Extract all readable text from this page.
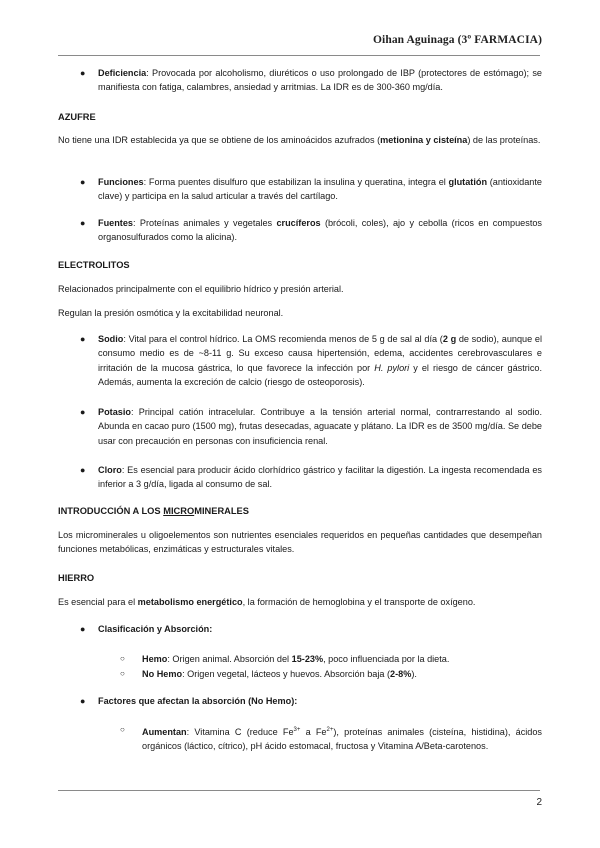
Oihan Aguinaga (3º FARMACIA)
● Deficiencia: Provocada por alcoholismo, diuréticos o uso prolongado de IBP (protectores de estómago); se manifiesta con fatiga, calambres, ansiedad y arritmias. La IDR es de 300-360 mg/día.
AZUFRE

No tiene una IDR establecida ya que se obtiene de los aminoácidos azufrados (metionina y cisteína) de las proteínas.

● Funciones: Forma puentes disulfuro que estabilizan la insulina y queratina, integra el glutatión (antioxidante clave) y participa en la salud articular a través del cartílago.
● Fuentes: Proteínas animales y vegetales crucíferos (brócoli, coles), ajo y cebolla (ricos en compuestos organosulfurados como la alicina).
ELECTROLITOS
Relacionados principalmente con el equilibrio hídrico y presión arterial.
Regulan la presión osmótica y la excitabilidad neuronal.
● Sodio: Vital para el control hídrico. La OMS recomienda menos de 5 g de sal al día (2 g de sodio), aunque el consumo medio es de ~8-11 g. Su exceso causa hipertensión, edema, accidentes cerebrovasculares e irritación de la mucosa gástrica, lo que favorece la infección por H. pylori y el riesgo de cáncer gástrico. Además, aumenta la excreción de calcio (riesgo de osteoporosis).
● Potasio: Principal catión intracelular. Contribuye a la tensión arterial normal, contrarrestando al sodio. Abunda en cacao puro (1500 mg), frutas desecadas, aguacate y plátano. La IDR es de 3500 mg/día. Se debe usar con precaución en personas con insuficiencia renal.
● Cloro: Es esencial para producir ácido clorhídrico gástrico y facilitar la digestión. La ingesta recomendada es inferior a 3 g/día, ligada al consumo de sal.
INTRODUCCIÓN A LOS MICROMINERALES

Los microminerales u oligoelementos son nutrientes esenciales requeridos en pequeñas cantidades que desempeñan funciones metabólicas, enzimáticas y estructurales vitales.

HIERRO
Es esencial para el metabolismo energético, la formación de hemoglobina y el transporte de oxígeno.
● Clasificación y Absorción:
○ Hemo: Origen animal. Absorción del 15-23%, poco influenciada por la dieta.
○ No Hemo: Origen vegetal, lácteos y huevos. Absorción baja (2-8%).
● Factores que afectan la absorción (No Hemo):
○ Aumentan: Vitamina C (reduce $Fe^{3+}$ a $Fe^{2+}$), proteínas animales (cisteína, histidina), ácidos orgánicos (láctico, cítrico), pH ácido estomacal, fructosa y Vitamina A/Beta-carotenos.
2
